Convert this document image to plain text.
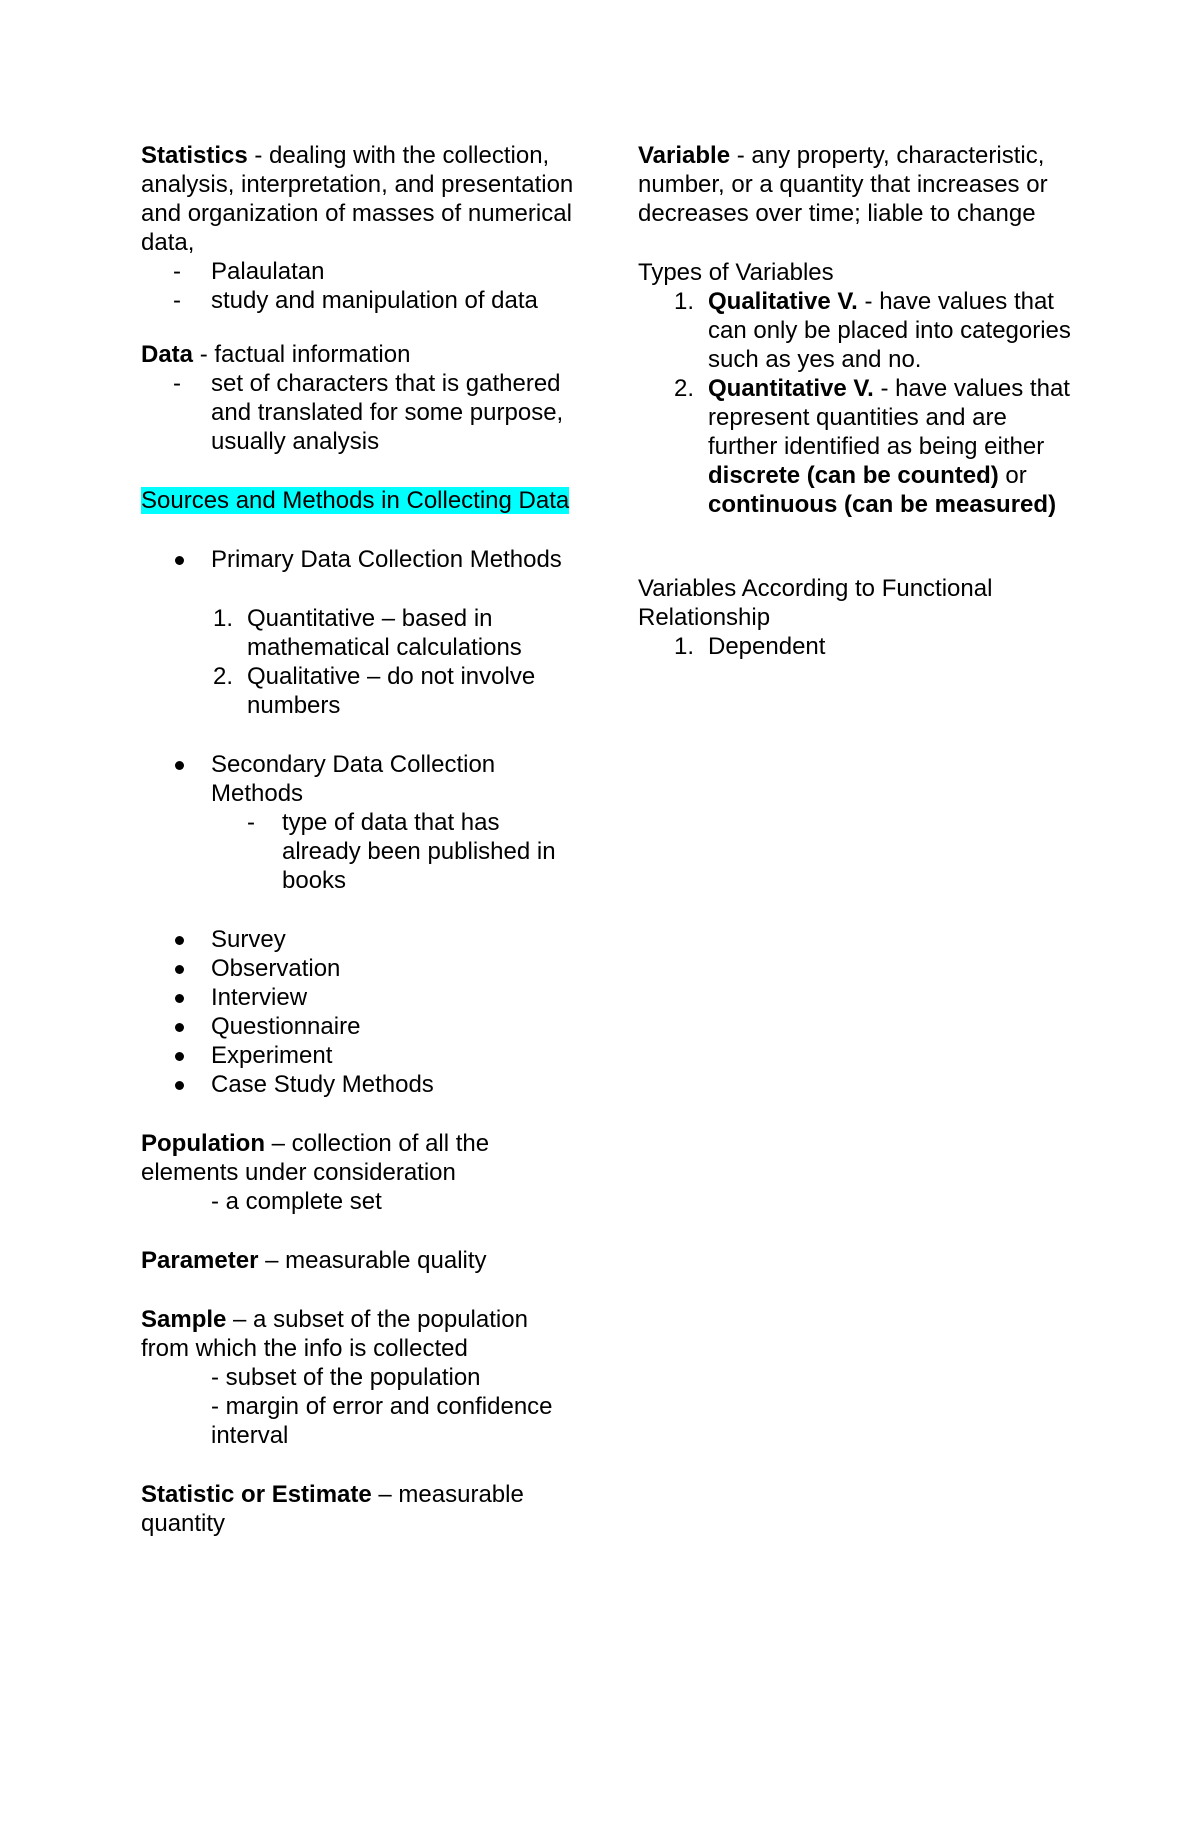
Statistics - dealing with the collection, analysis, interpretation, and presentation and organization of masses of numerical data,

- Palaulatan
- study and manipulation of data

Data - factual information

- set of characters that is gathered and translated for some purpose, usually analysis

Sources and Methods in Collecting Data

Primary Data Collection Methods
1. Quantitative – based in mathematical calculations
2. Qualitative – do not involve numbers
Secondary Data Collection Methods
- type of data that has already been published in books
Survey
Observation
Interview
Questionnaire
Experiment
Case Study Methods

Population – collection of all the elements under consideration

- a complete set

Parameter – measurable quality

Sample – a subset of the population from which the info is collected

- subset of the population

- margin of error and confidence interval

Statistic or Estimate – measurable quantity

Variable - any property, characteristic, number, or a quantity that increases or decreases over time; liable to change

Types of Variables

1. Qualitative V. - have values that can only be placed into categories such as yes and no.
2. Quantitative V. - have values that represent quantities and are further identified as being either discrete (can be counted) or continuous (can be measured)

Variables According to Functional Relationship

1. Dependent
